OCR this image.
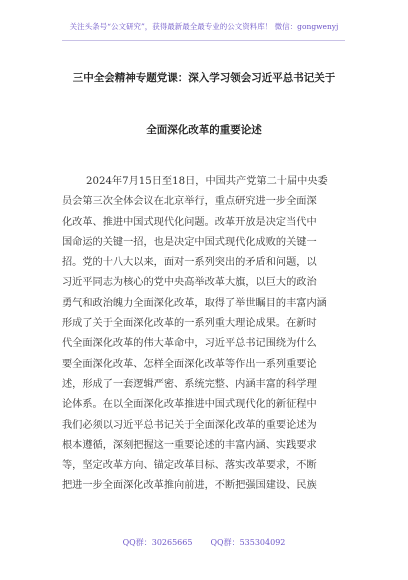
关注头条号“公文研究”，获得最新最全最专业的公文资料库！ 微信：gongwenyj
三中全会精神专题党课：深入学习领会习近平总书记关于
全面深化改革的重要论述
2024年7月15日至18日，中国共产党第二十届中央委
员会第三次全体会议在北京举行，重点研究进一步全面深
化改革、推进中国式现代化问题。改革开放是决定当代中
国命运的关键一招，也是决定中国式现代化成败的关键一
招。党的十八大以来，面对一系列突出的矛盾和问题，以
习近平同志为核心的党中央高举改革大旗，以巨大的政治
勇气和政治魄力全面深化改革，取得了举世瞩目的丰富内涵
形成了关于全面深化改革的一系列重大理论成果。在新时
代全面深化改革的伟大革命中，习近平总书记围绕为什么
要全面深化改革、怎样全面深化改革等作出一系列重要论
述，形成了一套逻辑严密、系统完整、内涵丰富的科学理
论体系。在以全面深化改革推进中国式现代化的新征程中
我们必须以习近平总书记关于全面深化改革的重要论述为
根本遵循，深刻把握这一重要论述的丰富内涵、实践要求
等，坚定改革方向、锚定改革目标、落实改革要求，不断
把进一步全面深化改革推向前进，不断把强国建设、民族
QQ群：30265665 QQ群：535304092
